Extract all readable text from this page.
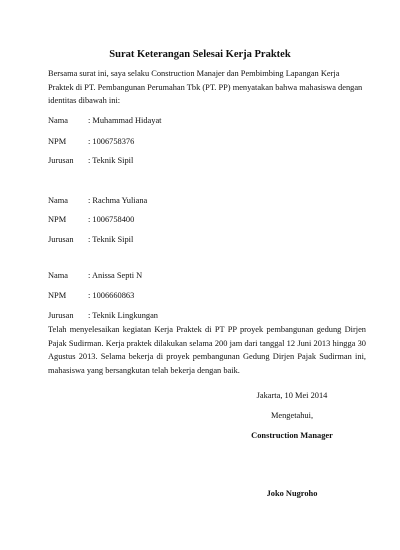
Surat Keterangan Selesai Kerja Praktek
Bersama surat ini, saya selaku Construction Manajer dan Pembimbing Lapangan Kerja Praktek di PT. Pembangunan Perumahan Tbk (PT. PP) menyatakan bahwa mahasiswa dengan identitas dibawah ini:
Nama : Muhammad Hidayat
NPM	: 1006758376
Jurusan : Teknik Sipil
Nama : Rachma Yuliana
NPM	: 1006758400
Jurusan : Teknik Sipil
Nama : Anissa Septi N
NPM	: 1006660863
Jurusan : Teknik Lingkungan
Telah menyelesaikan kegiatan Kerja Praktek di PT PP proyek pembangunan gedung Dirjen Pajak Sudirman. Kerja praktek dilakukan selama 200 jam dari tanggal 12 Juni 2013 hingga 30 Agustus 2013. Selama bekerja di proyek pembangunan Gedung Dirjen Pajak Sudirman ini, mahasiswa yang bersangkutan telah bekerja dengan baik.
Jakarta, 10 Mei 2014
Mengetahui,
Construction Manager
Joko Nugroho
